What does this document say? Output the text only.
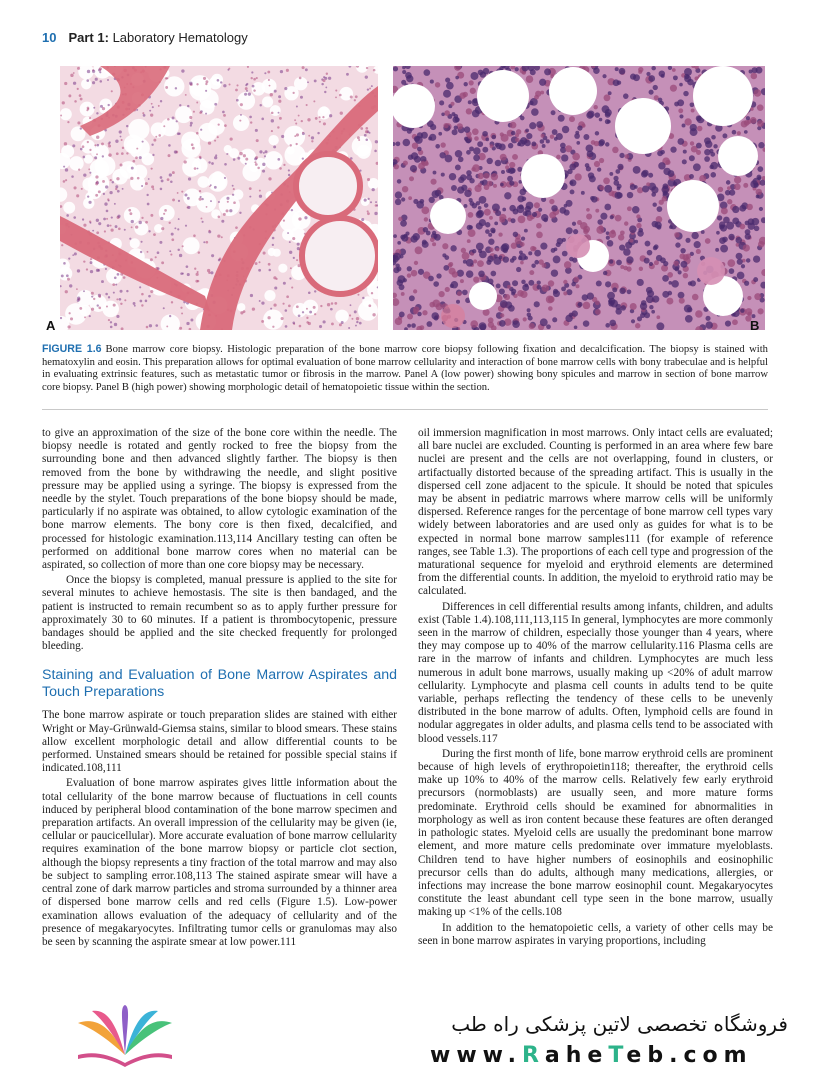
10 Part 1: Laboratory Hematology
A	B
FIGURE 1.6 Bone marrow core biopsy. Histologic preparation of the bone marrow core biopsy following fixation and decalcification. The biopsy is stained with hematoxylin and eosin. This preparation allows for optimal evaluation of bone marrow cellularity and interaction of bone marrow cells with bony trabeculae and is helpful in evaluating extrinsic features, such as metastatic tumor or fibrosis in the marrow. Panel A (low power) showing bony spicules and marrow in section of bone marrow core biopsy. Panel B (high power) showing morphologic detail of hematopoietic tissue within the section.

to give an approximation of the size of the bone core within the needle. The biopsy needle is rotated and gently rocked to free the biopsy from the surrounding bone and then advanced slightly farther. The biopsy is then removed from the bone by withdrawing the needle, and slight positive pressure may be applied using a syringe. The biopsy is expressed from the needle by the stylet. Touch preparations of the bone biopsy should be made, particularly if no aspirate was obtained, to allow cytologic examination of the bone marrow elements. The bony core is then fixed, decalcified, and processed for histologic examination.113,114 Ancillary testing can often be performed on additional bone marrow cores when no material can be aspirated, so collection of more than one core biopsy may be necessary.

Once the biopsy is completed, manual pressure is applied to the site for several minutes to achieve hemostasis. The site is then bandaged, and the patient is instructed to remain recumbent so as to apply further pressure for approximately 30 to 60 minutes. If a patient is thrombocytopenic, pressure bandages should be applied and the site checked frequently for prolonged bleeding.

Staining and Evaluation of Bone Marrow Aspirates and Touch Preparations

The bone marrow aspirate or touch preparation slides are stained with either Wright or May-Grünwald-Giemsa stains, similar to blood smears. These stains allow excellent morphologic detail and allow differential counts to be performed. Unstained smears should be retained for possible special stains if indicated.108,111

Evaluation of bone marrow aspirates gives little information about the total cellularity of the bone marrow because of fluctuations in cell counts induced by peripheral blood contamination of the bone marrow specimen and preparation artifacts. An overall impression of the cellularity may be given (ie, cellular or paucicellular). More accurate evaluation of bone marrow cellularity requires examination of the bone marrow biopsy or particle clot section, although the biopsy represents a tiny fraction of the total marrow and may also be subject to sampling error.108,113 The stained aspirate smear will have a central zone of dark marrow particles and stroma surrounded by a thinner area of dispersed bone marrow cells and red cells (Figure 1.5). Low-power examination allows evaluation of the adequacy of cellularity and of the presence of megakaryocytes. Infiltrating tumor cells or granulomas may also be seen by scanning the aspirate smear at low power.111

oil immersion magnification in most marrows. Only intact cells are evaluated; all bare nuclei are excluded. Counting is performed in an area where few bare nuclei are present and the cells are not overlapping, found in clusters, or artifactually distorted because of the spreading artifact. This is usually in the dispersed cell zone adjacent to the spicule. It should be noted that spicules may be absent in pediatric marrows where marrow cells will be uniformly dispersed. Reference ranges for the percentage of bone marrow cell types vary widely between laboratories and are used only as guides for what is to be expected in normal bone marrow samples111 (for example of reference ranges, see Table 1.3). The proportions of each cell type and progression of the maturational sequence for myeloid and erythroid elements are determined from the differential counts. In addition, the myeloid to erythroid ratio may be calculated.

Differences in cell differential results among infants, children, and adults exist (Table 1.4).108,111,113,115 In general, lymphocytes are more commonly seen in the marrow of children, especially those younger than 4 years, where they may compose up to 40% of the marrow cellularity.116 Plasma cells are rare in the marrow of infants and children. Lymphocytes are much less numerous in adult bone marrows, usually making up <20% of adult marrow cellularity. Lymphocyte and plasma cell counts in adults tend to be quite variable, perhaps reflecting the tendency of these cells to be unevenly distributed in the bone marrow of adults. Often, lymphoid cells are found in nodular aggregates in older adults, and plasma cells tend to be associated with blood vessels.117

During the first month of life, bone marrow erythroid cells are prominent because of high levels of erythropoietin118; thereafter, the erythroid cells make up 10% to 40% of the marrow cells. Relatively few early erythroid precursors (normoblasts) are usually seen, and more mature forms predominate. Erythroid cells should be examined for abnormalities in morphology as well as iron content because these features are often deranged in pathologic states. Myeloid cells are usually the predominant bone marrow element, and more mature cells predominate over immature myeloblasts. Children tend to have higher numbers of eosinophils and eosinophilic precursor cells than do adults, although many medications, allergies, or infections may increase the bone marrow eosinophil count. Megakaryocytes constitute the least abundant cell type seen in the bone marrow, usually making up <1% of the cells.108

In addition to the hematopoietic cells, a variety of other cells may be seen in bone marrow aspirates in varying proportions, including

فروشگاه تخصصی لاتین پزشکی راه طب
www.RaheTeb.com
